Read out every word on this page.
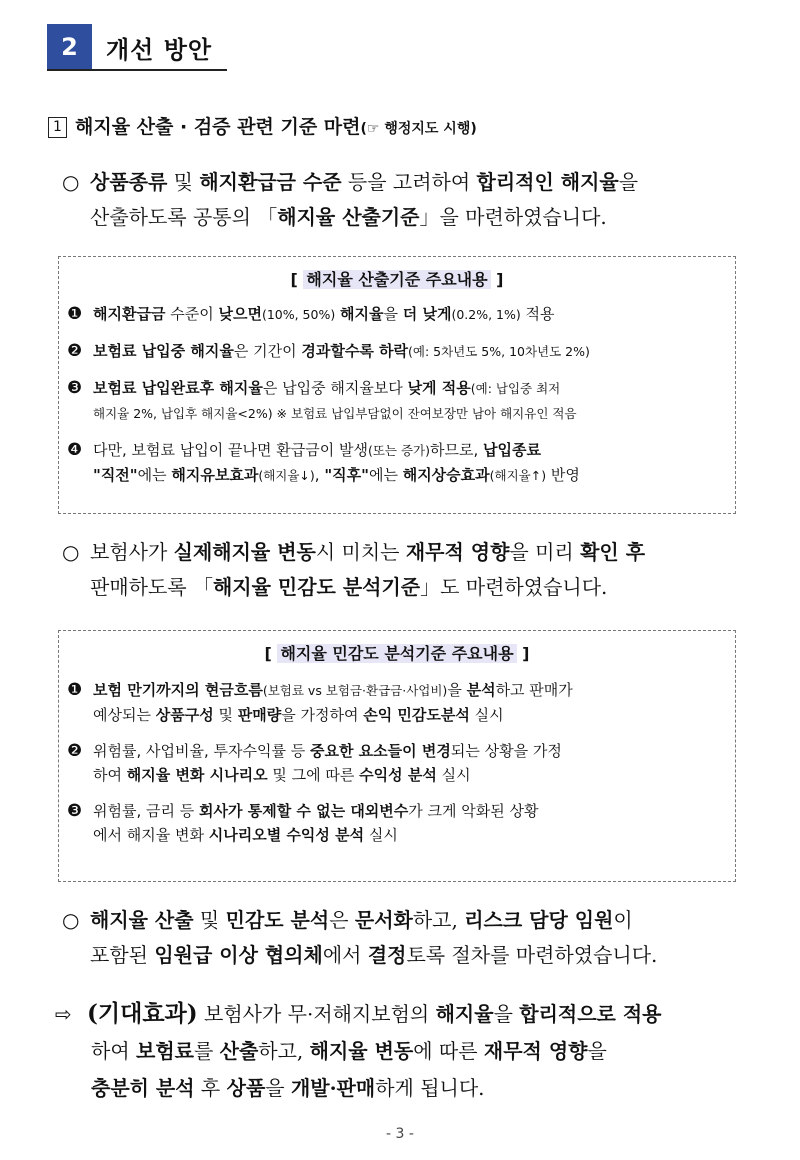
2	개선 방안
1 해지율 산출 · 검증 관련 기준 마련(☞ 행정지도 시행)
○ 상품종류 및 해지환급금 수준 등을 고려하여 합리적인 해지율을
산출하도록 공통의 「해지율 산출기준」을 마련하였습니다.
[ 해지율 산출기준 주요내용 ]
❶ 해지환급금 수준이 낮으면(10%, 50%) 해지율을 더 낮게(0.2%, 1%) 적용
❷ 보험료 납입중 해지율은 기간이 경과할수록 하락(예: 5차년도 5%, 10차년도 2%)
❸ 보험료 납입완료후 해지율은 납입중 해지율보다 낮게 적용(예: 납입중 최저
해지율 2%, 납입후 해지율<2%) ※ 보험료 납입부담없이 잔여보장만 남아 해지유인 적음
❹ 다만, 보험료 납입이 끝나면 환급금이 발생(또는 증가)하므로, 납입종료
"직전"에는 해지유보효과(해지율↓), "직후"에는 해지상승효과(해지율↑) 반영
○ 보험사가 실제해지율 변동시 미치는 재무적 영향을 미리 확인 후
판매하도록 「해지율 민감도 분석기준」도 마련하였습니다.
[ 해지율 민감도 분석기준 주요내용 ]
❶ 보험 만기까지의 현금흐름(보험료 vs 보험금·환급금·사업비)을 분석하고 판매가
예상되는 상품구성 및 판매량을 가정하여 손익 민감도분석 실시
❷ 위험률, 사업비율, 투자수익률 등 중요한 요소들이 변경되는 상황을 가정
하여 해지율 변화 시나리오 및 그에 따른 수익성 분석 실시
❸ 위험률, 금리 등 회사가 통제할 수 없는 대외변수가 크게 악화된 상황
에서 해지율 변화 시나리오별 수익성 분석 실시
○ 해지율 산출 및 민감도 분석은 문서화하고, 리스크 담당 임원이
포함된 임원급 이상 협의체에서 결정토록 절차를 마련하였습니다.
⇨ (기대효과) 보험사가 무·저해지보험의 해지율을 합리적으로 적용
하여 보험료를 산출하고, 해지율 변동에 따른 재무적 영향을
충분히 분석 후 상품을 개발·판매하게 됩니다.
- 3 -
